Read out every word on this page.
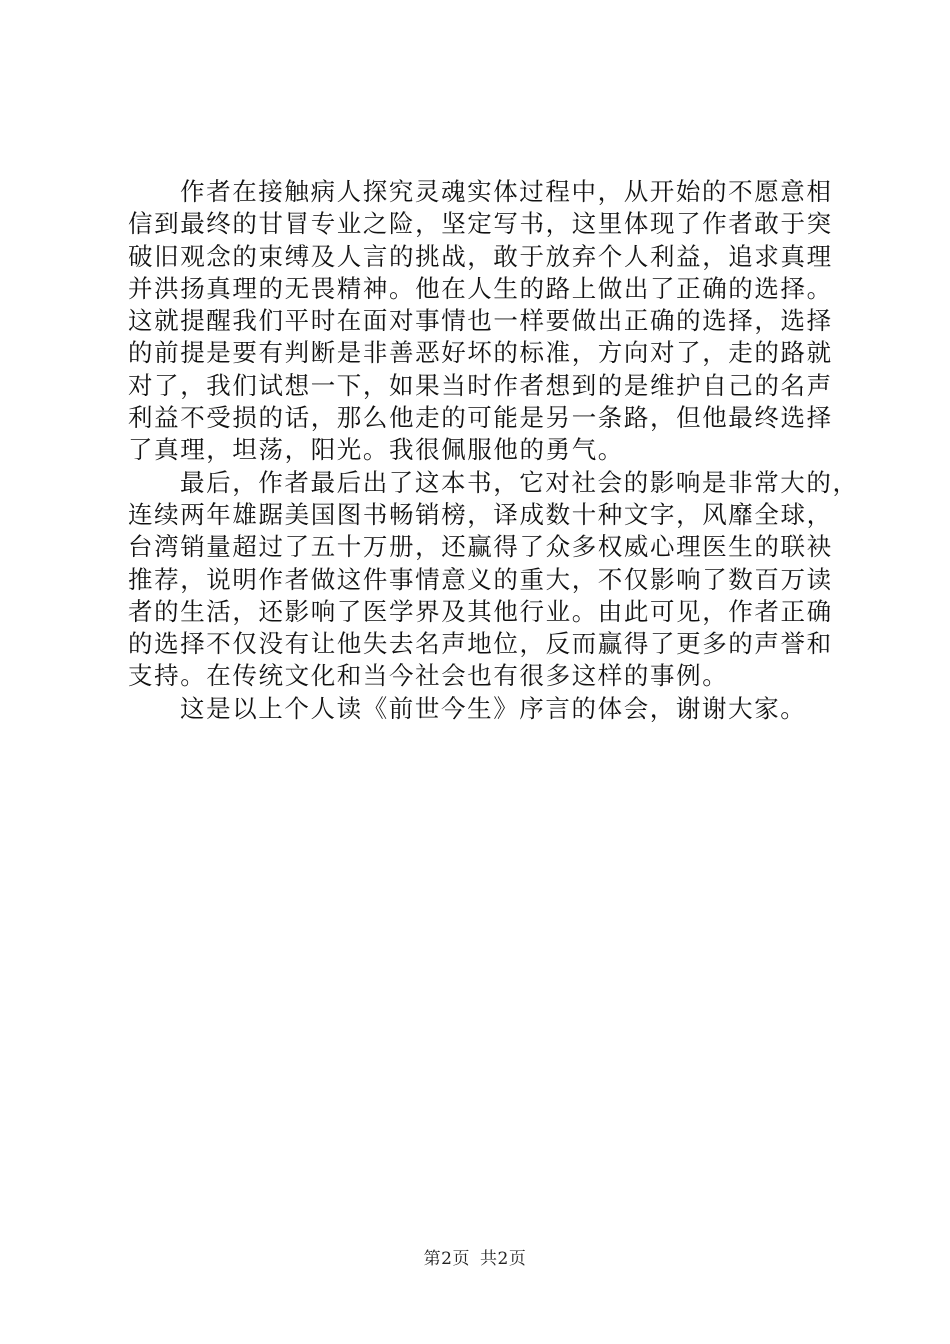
作者在接触病人探究灵魂实体过程中，从开始的不愿意相
信到最终的甘冒专业之险，坚定写书，这里体现了作者敢于突
破旧观念的束缚及人言的挑战，敢于放弃个人利益，追求真理
并洪扬真理的无畏精神。他在人生的路上做出了正确的选择。
这就提醒我们平时在面对事情也一样要做出正确的选择，选择
的前提是要有判断是非善恶好坏的标准，方向对了，走的路就
对了，我们试想一下，如果当时作者想到的是维护自己的名声
利益不受损的话，那么他走的可能是另一条路，但他最终选择
了真理，坦荡，阳光。我很佩服他的勇气。
最后，作者最后出了这本书，它对社会的影响是非常大的，
连续两年雄踞美国图书畅销榜，译成数十种文字，风靡全球，
台湾销量超过了五十万册，还赢得了众多权威心理医生的联袂
推荐，说明作者做这件事情意义的重大，不仅影响了数百万读
者的生活，还影响了医学界及其他行业。由此可见，作者正确
的选择不仅没有让他失去名声地位，反而赢得了更多的声誉和
支持。在传统文化和当今社会也有很多这样的事例。
这是以上个人读《前世今生》序言的体会，谢谢大家。
第2页 共2页
